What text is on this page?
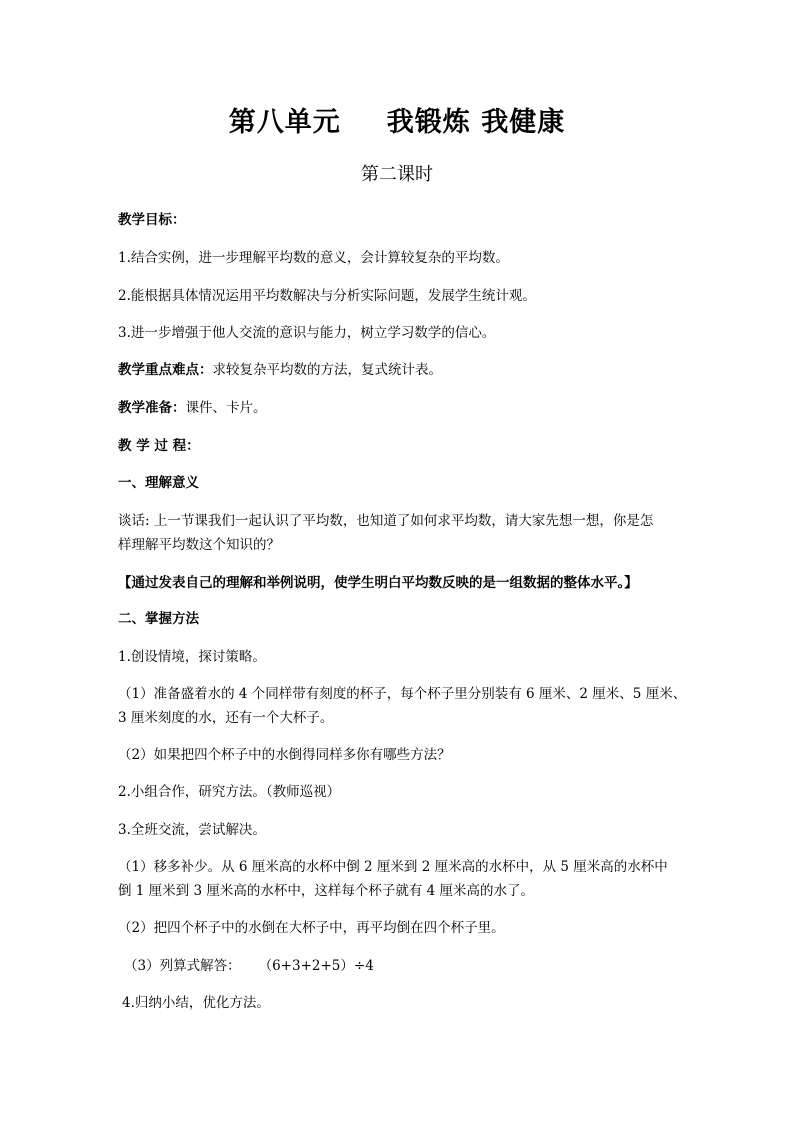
第八单元 我锻炼 我健康
第二课时
教学目标：
1.结合实例，进一步理解平均数的意义，会计算较复杂的平均数。
2.能根据具体情况运用平均数解决与分析实际问题，发展学生统计观。
3.进一步增强于他人交流的意识与能力，树立学习数学的信心。
教学重点难点：求较复杂平均数的方法，复式统计表。
教学准备：课件、卡片。
教 学 过 程：
一、理解意义
谈话: 上一节课我们一起认识了平均数，也知道了如何求平均数，请大家先想一想，你是怎
样理解平均数这个知识的？
【通过发表自己的理解和举例说明，使学生明白平均数反映的是一组数据的整体水平。】
二、掌握方法
1.创设情境，探讨策略。
（1）准备盛着水的 4 个同样带有刻度的杯子，每个杯子里分别装有 6 厘米、2 厘米、5 厘米、
3 厘米刻度的水，还有一个大杯子。
（2）如果把四个杯子中的水倒得同样多你有哪些方法？
2.小组合作，研究方法。（教师巡视）
3.全班交流，尝试解决。
（1）移多补少。从 6 厘米高的水杯中倒 2 厘米到 2 厘米高的水杯中，从 5 厘米高的水杯中
倒 1 厘米到 3 厘米高的水杯中，这样每个杯子就有 4 厘米高的水了。
（2）把四个杯子中的水倒在大杯子中，再平均倒在四个杯子里。
（3）列算式解答： （6+3+2+5）÷4
4.归纳小结，优化方法。
